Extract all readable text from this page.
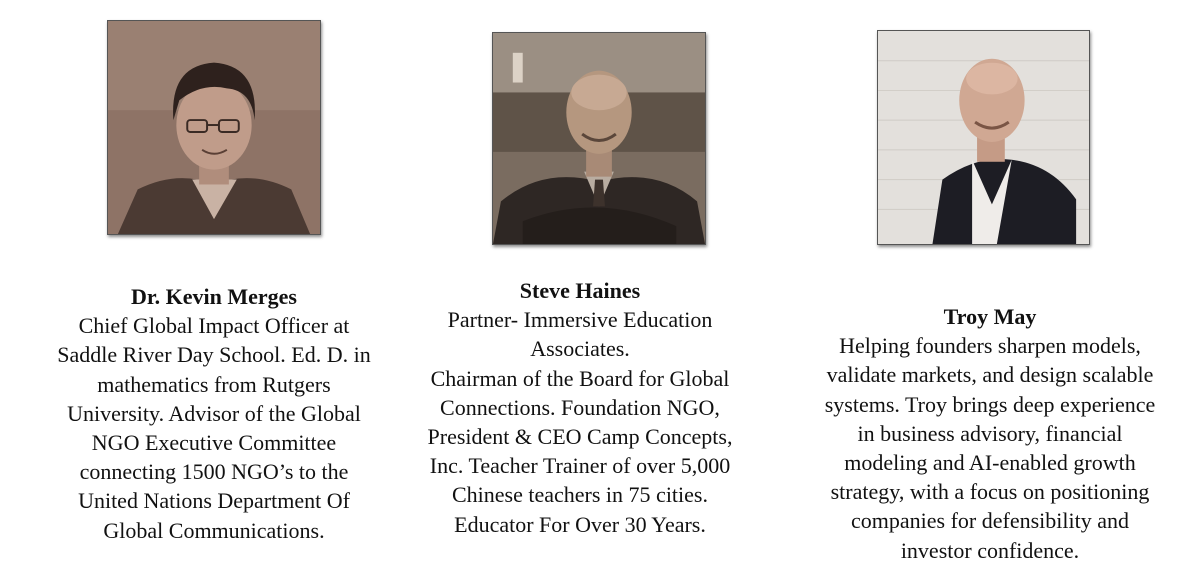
Dr. Kevin Merges
Chief Global Impact Officer at
Saddle River Day School. Ed. D. in
mathematics from Rutgers
University. Advisor of the Global
NGO Executive Committee
connecting 1500 NGO’s to the
United Nations Department Of
Global Communications.
Steve Haines
Partner- Immersive Education
Associates.
Chairman of the Board for Global
Connections. Foundation NGO,
President & CEO Camp Concepts,
Inc. Teacher Trainer of over 5,000
Chinese teachers in 75 cities.
Educator For Over 30 Years.
Troy May
Helping founders sharpen models,
validate markets, and design scalable
systems. Troy brings deep experience
in business advisory, financial
modeling and AI-enabled growth
strategy, with a focus on positioning
companies for defensibility and
investor confidence.
